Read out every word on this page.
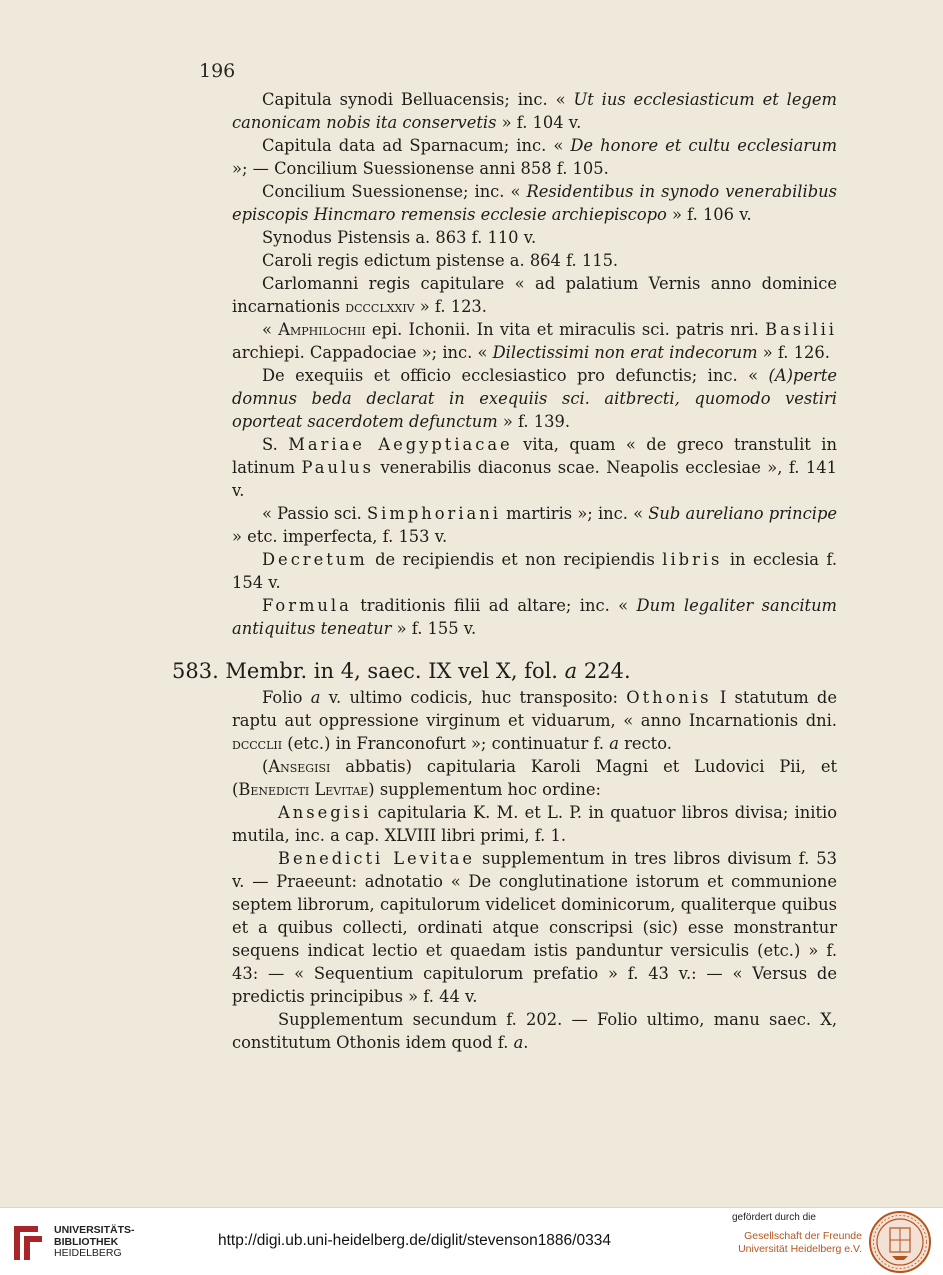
196

Capitula synodi Belluacensis; inc. « Ut ius ecclesiasticum et legem canonicam nobis ita conservetis » f. 104 v.

Capitula data ad Sparnacum; inc. « De honore et cultu ecclesiarum »; — Concilium Suessionense anni 858 f. 105.

Concilium Suessionense; inc. « Residentibus in synodo venerabilibus episcopis Hincmaro remensis ecclesie archiepiscopo » f. 106 v.

Synodus Pistensis a. 863 f. 110 v.

Caroli regis edictum pistense a. 864 f. 115.

Carlomanni regis capitulare « ad palatium Vernis anno dominice incarnationis dccclxxiv » f. 123.

« Amphilochii epi. Ichonii. In vita et miraculis sci. patris nri. Basilii archiepi. Cappadociae »; inc. « Dilectissimi non erat indecorum » f. 126.

De exequiis et officio ecclesiastico pro defunctis; inc. « (A)perte domnus beda declarat in exequiis sci. aitbrecti, quomodo vestiri oporteat sacerdotem defunctum » f. 139.

S. Mariae Aegyptiacae vita, quam « de greco transtulit in latinum Paulus venerabilis diaconus scae. Neapolis ecclesiae », f. 141 v.

« Passio sci. Simphoriani martiris »; inc. « Sub aureliano principe » etc. imperfecta, f. 153 v.

Decretum de recipiendis et non recipiendis libris in ecclesia f. 154 v.

Formula traditionis filii ad altare; inc. « Dum legaliter sancitum antiquitus teneatur » f. 155 v.

583. Membr. in 4, saec. IX vel X, fol. a 224.

Folio a v. ultimo codicis, huc transposito: Othonis I statutum de raptu aut oppressione virginum et viduarum, « anno Incarnationis dni. dccclii (etc.) in Franconofurt »; continuatur f. a recto.

(Ansegisi abbatis) capitularia Karoli Magni et Ludovici Pii, et (Benedicti Levitae) supplementum hoc ordine:

Ansegisi capitularia K. M. et L. P. in quatuor libros divisa; initio mutila, inc. a cap. XLVIII libri primi, f. 1.

Benedicti Levitae supplementum in tres libros divisum f. 53 v. — Praeeunt: adnotatio « De conglutinatione istorum et communione septem librorum, capitulorum videlicet dominicorum, qualiterque quibus et a quibus collecti, ordinati atque conscripsi (sic) esse monstrantur sequens indicat lectio et quaedam istis panduntur versiculis (etc.) » f. 43: — « Sequentium capitulorum prefatio » f. 43 v.: — « Versus de predictis principibus » f. 44 v.

Supplementum secundum f. 202. — Folio ultimo, manu saec. X, constitutum Othonis idem quod f. a.

UNIVERSITÄTS-
BIBLIOTHEK
HEIDELBERG
http://digi.ub.uni-heidelberg.de/diglit/stevenson1886/0334
gefördert durch die
Gesellschaft der Freunde
Universität Heidelberg e.V.
